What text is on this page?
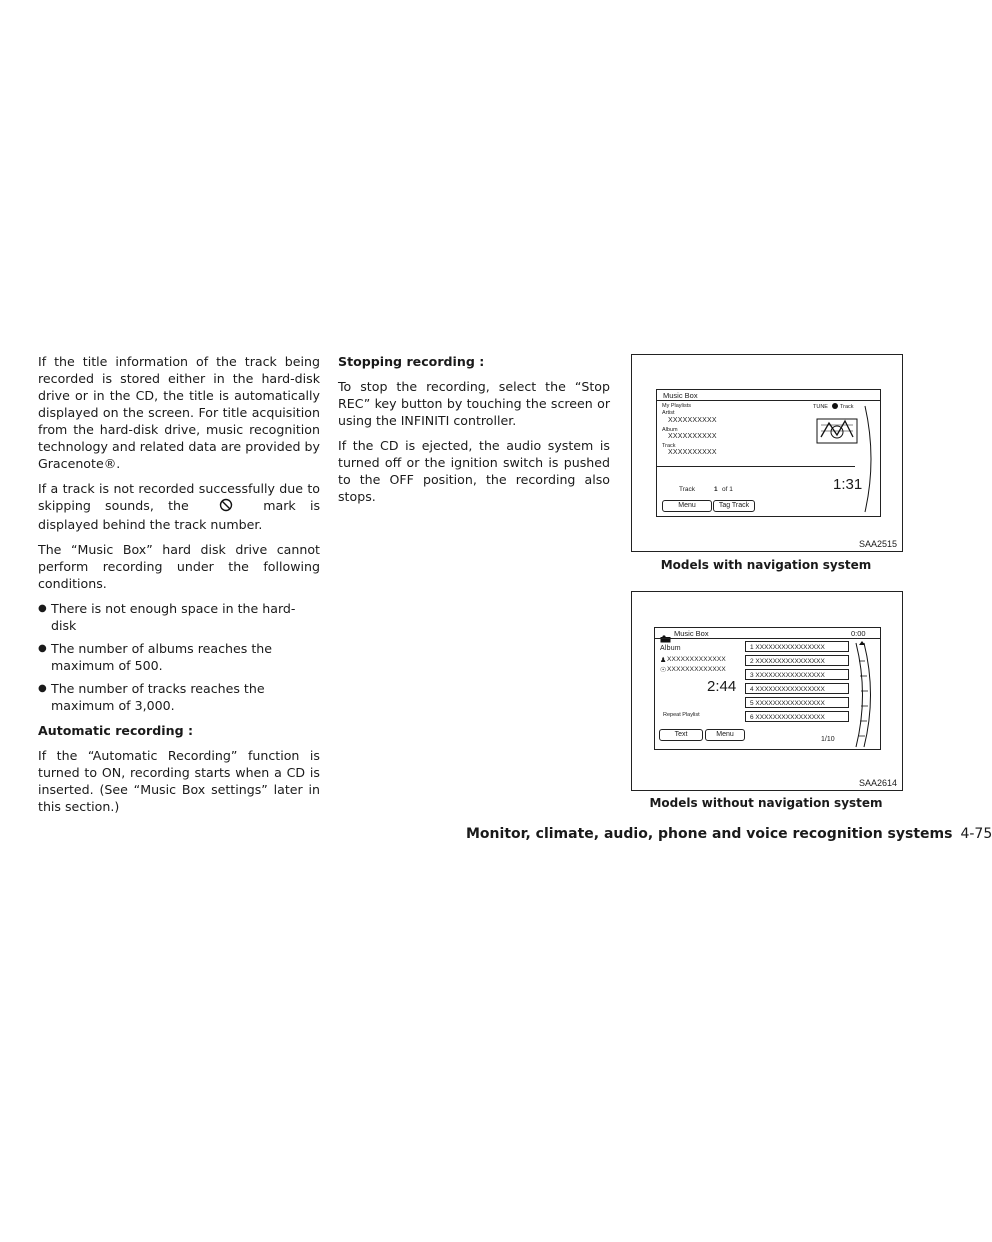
If the title information of the track being recorded is stored either in the hard-disk drive or in the CD, the title is automatically displayed on the screen. For title acquisition from the hard-disk drive, music recognition technology and related data are provided by Gracenote®.

If a track is not recorded successfully due to skipping sounds, the	mark is displayed behind the track number.

The “Music Box” hard disk drive cannot perform recording under the following conditions.

● There is not enough space in the hard-disk
● The number of albums reaches the maximum of 500.
● The number of tracks reaches the maximum of 3,000.
Automatic recording :

If the “Automatic Recording” function is turned to ON, recording starts when a CD is inserted. (See “Music Box settings” later in this section.)

Stopping recording :

To stop the recording, select the “Stop REC” key button by touching the screen or using the INFINITI controller.

If the CD is ejected, the audio system is turned off or the ignition switch is pushed to the OFF position, the recording also stops.

Music Box
My Playlists
Artist
XXXXXXXXXX
Album
XXXXXXXXXX
Track
XXXXXXXXXX
TUNE Track
Track	1 of 1	1:31
Menu	Tag Track
SAA2515
Models with navigation system
Music Box	0:00
Album
♟ XXXXXXXXXXXXX
☉ XXXXXXXXXXXXX
2:44
Repeat Playlist
Text	Menu
1 XXXXXXXXXXXXXXXX
2 XXXXXXXXXXXXXXXX
3 XXXXXXXXXXXXXXXX
4 XXXXXXXXXXXXXXXX
5 XXXXXXXXXXXXXXXX
6 XXXXXXXXXXXXXXXX
1/10
SAA2614
Models without navigation system
Monitor, climate, audio, phone and voice recognition systems 4-75
